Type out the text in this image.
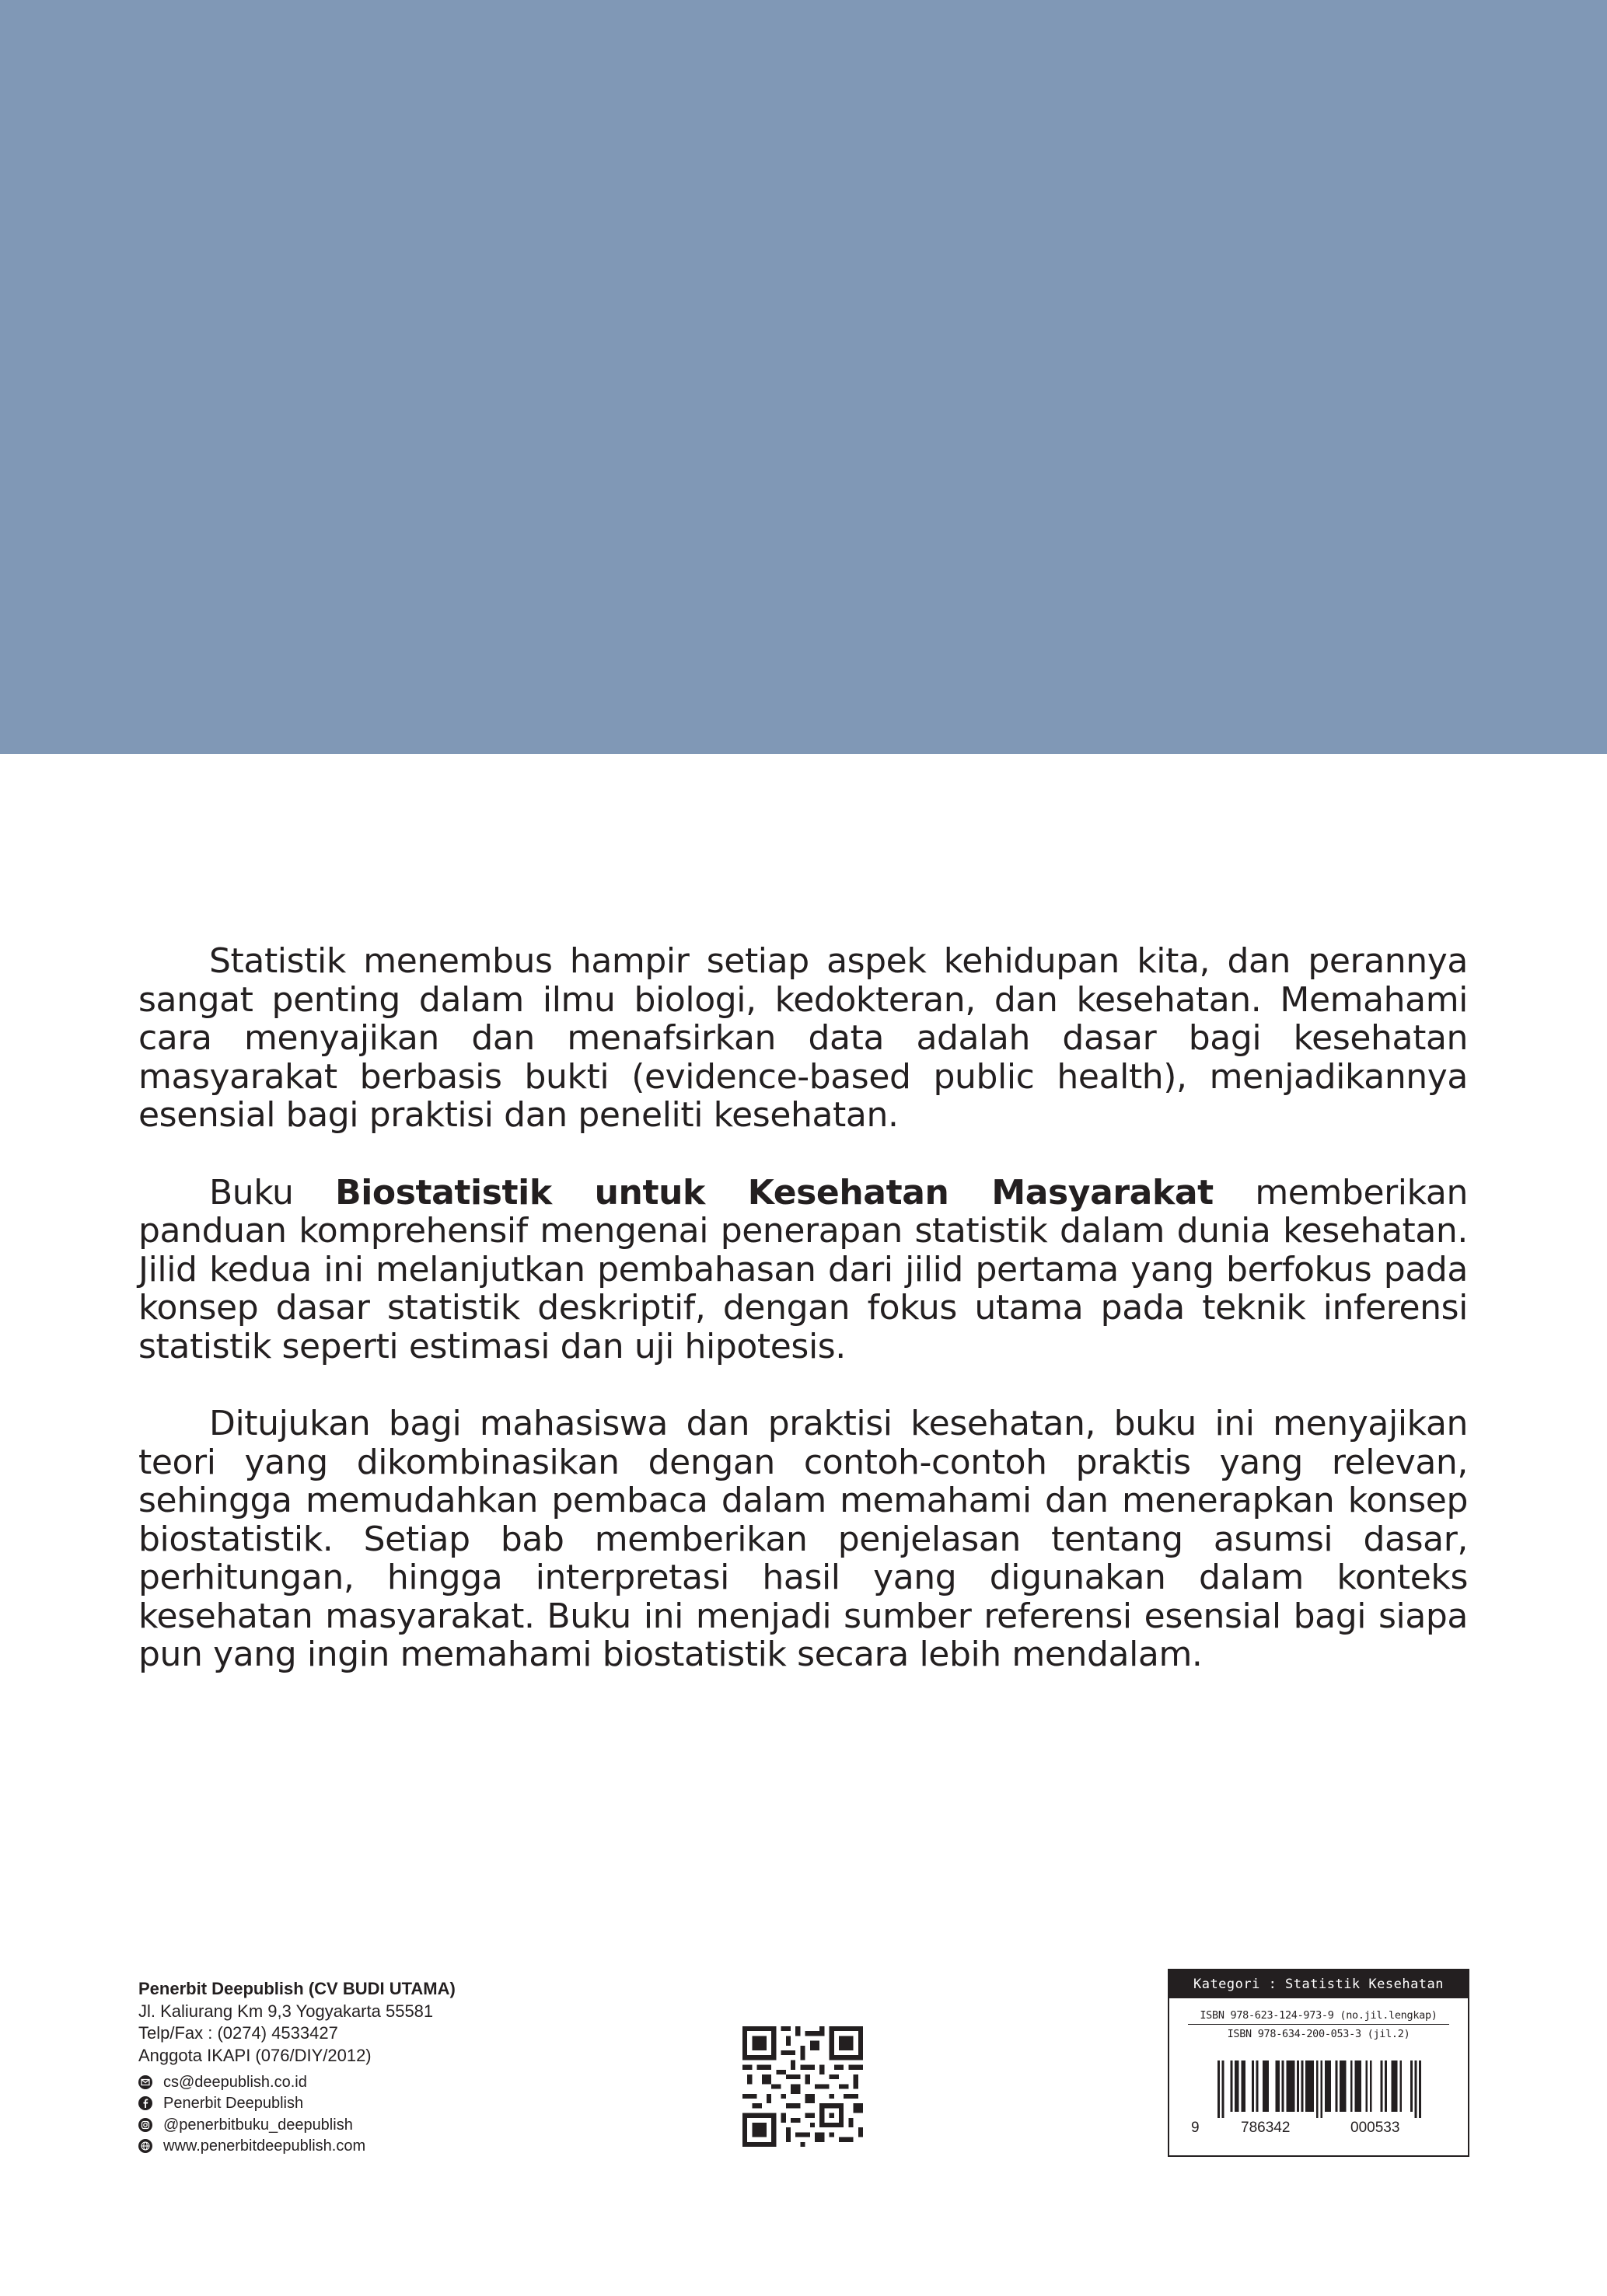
Statistik menembus hampir setiap aspek kehidupan kita, dan perannya sangat penting dalam ilmu biologi, kedokteran, dan kesehatan. Memahami cara menyajikan dan menafsirkan data adalah dasar bagi kesehatan masyarakat berbasis bukti (evidence-based public health), menjadikannya esensial bagi praktisi dan peneliti kesehatan.

Buku Biostatistik untuk Kesehatan Masyarakat memberikan panduan komprehensif mengenai penerapan statistik dalam dunia kesehatan. Jilid kedua ini melanjutkan pembahasan dari jilid pertama yang berfokus pada konsep dasar statistik deskriptif, dengan fokus utama pada teknik inferensi statistik seperti estimasi dan uji hipotesis.

Ditujukan bagi mahasiswa dan praktisi kesehatan, buku ini menyajikan teori yang dikombinasikan dengan contoh-contoh praktis yang relevan, sehingga memudahkan pembaca dalam memahami dan menerapkan konsep biostatistik. Setiap bab memberikan penjelasan tentang asumsi dasar, perhitungan, hingga interpretasi hasil yang digunakan dalam konteks kesehatan masyarakat. Buku ini menjadi sumber referensi esensial bagi siapa pun yang ingin memahami biostatistik secara lebih mendalam.

Penerbit Deepublish (CV BUDI UTAMA)
Jl. Kaliurang Km 9,3 Yogyakarta 55581
Telp/Fax : (0274) 4533427
Anggota IKAPI (076/DIY/2012)
cs@deepublish.co.id
Penerbit Deepublish
@penerbitbuku_deepublish
www.penerbitdeepublish.com
Kategori : Statistik Kesehatan
ISBN 978-623-124-973-9 (no.jil.lengkap)
ISBN 978-634-200-053-3 (jil.2)
9	786342	000533
